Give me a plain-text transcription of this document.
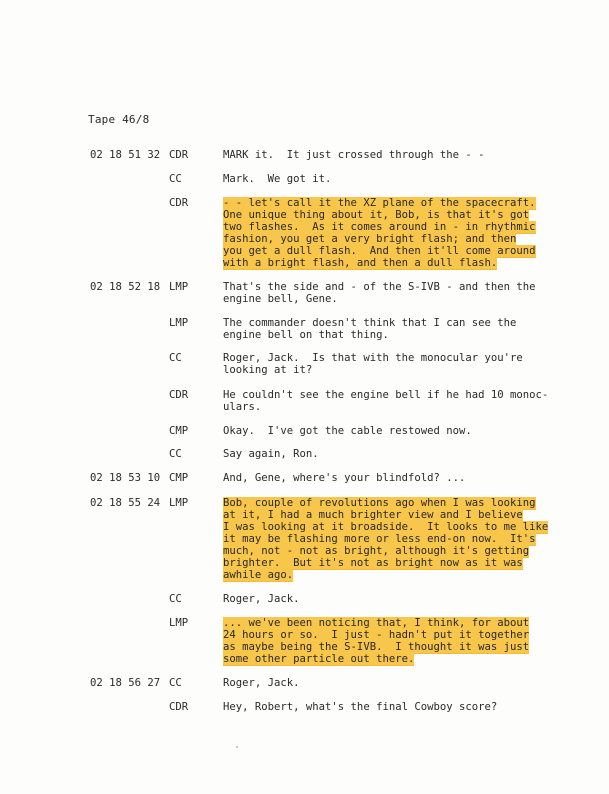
Tape 46/8
02 18 51 32 CDR	MARK it.  It just crossed through the - -
CC	Mark.  We got it.
CDR	- - let's call it the XZ plane of the spacecraft.
One unique thing about it, Bob, is that it's got
two flashes.  As it comes around in - in rhythmic
fashion, you get a very bright flash; and then
you get a dull flash.  And then it'll come around
with a bright flash, and then a dull flash.
02 18 52 18 LMP	That's the side and - of the S-IVB - and then the
engine bell, Gene.
LMP	The commander doesn't think that I can see the
engine bell on that thing.
CC	Roger, Jack.  Is that with the monocular you're
looking at it?
CDR	He couldn't see the engine bell if he had 10 monoc-
ulars.
CMP	Okay.  I've got the cable restowed now.
CC	Say again, Ron.
02 18 53 10 CMP	And, Gene, where's your blindfold? ...
02 18 55 24 LMP	Bob, couple of revolutions ago when I was looking
at it, I had a much brighter view and I believe
I was looking at it broadside.  It looks to me like
it may be flashing more or less end-on now.  It's
much, not - not as bright, although it's getting
brighter.  But it's not as bright now as it was
awhile ago.
CC	Roger, Jack.
LMP	... we've been noticing that, I think, for about
24 hours or so.  I just - hadn't put it together
as maybe being the S-IVB.  I thought it was just
some other particle out there.
02 18 56 27 CC	Roger, Jack.
CDR	Hey, Robert, what's the final Cowboy score?
